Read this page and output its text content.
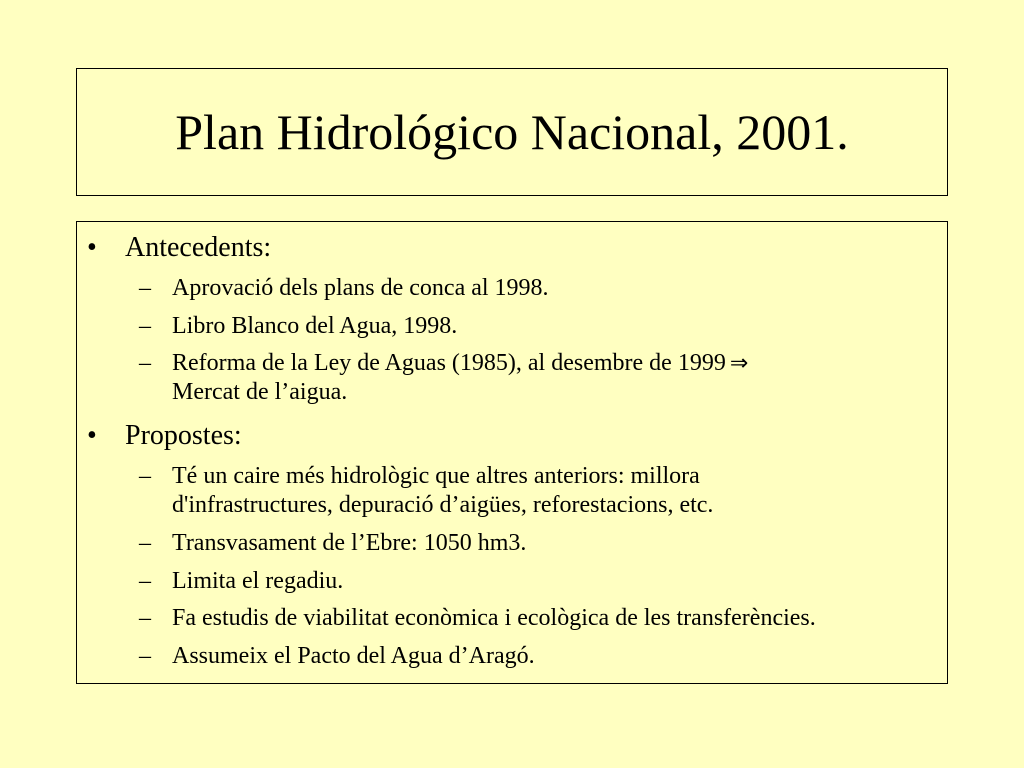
Plan Hidrológico Nacional, 2001.
• Antecedents:
– Aprovació dels plans de conca al 1998.
– Libro Blanco del Agua, 1998.
– Reforma de la Ley de Aguas (1985), al desembre de 1999 ⇒
Mercat de l’aigua.
• Propostes:
– Té un caire més hidrològic que altres anteriors: millora
d'infrastructures, depuració d’aigües, reforestacions, etc.
– Transvasament de l’Ebre: 1050 hm3.
– Limita el regadiu.
– Fa estudis de viabilitat econòmica i ecològica de les transferències.
– Assumeix el Pacto del Agua d’Aragó.
